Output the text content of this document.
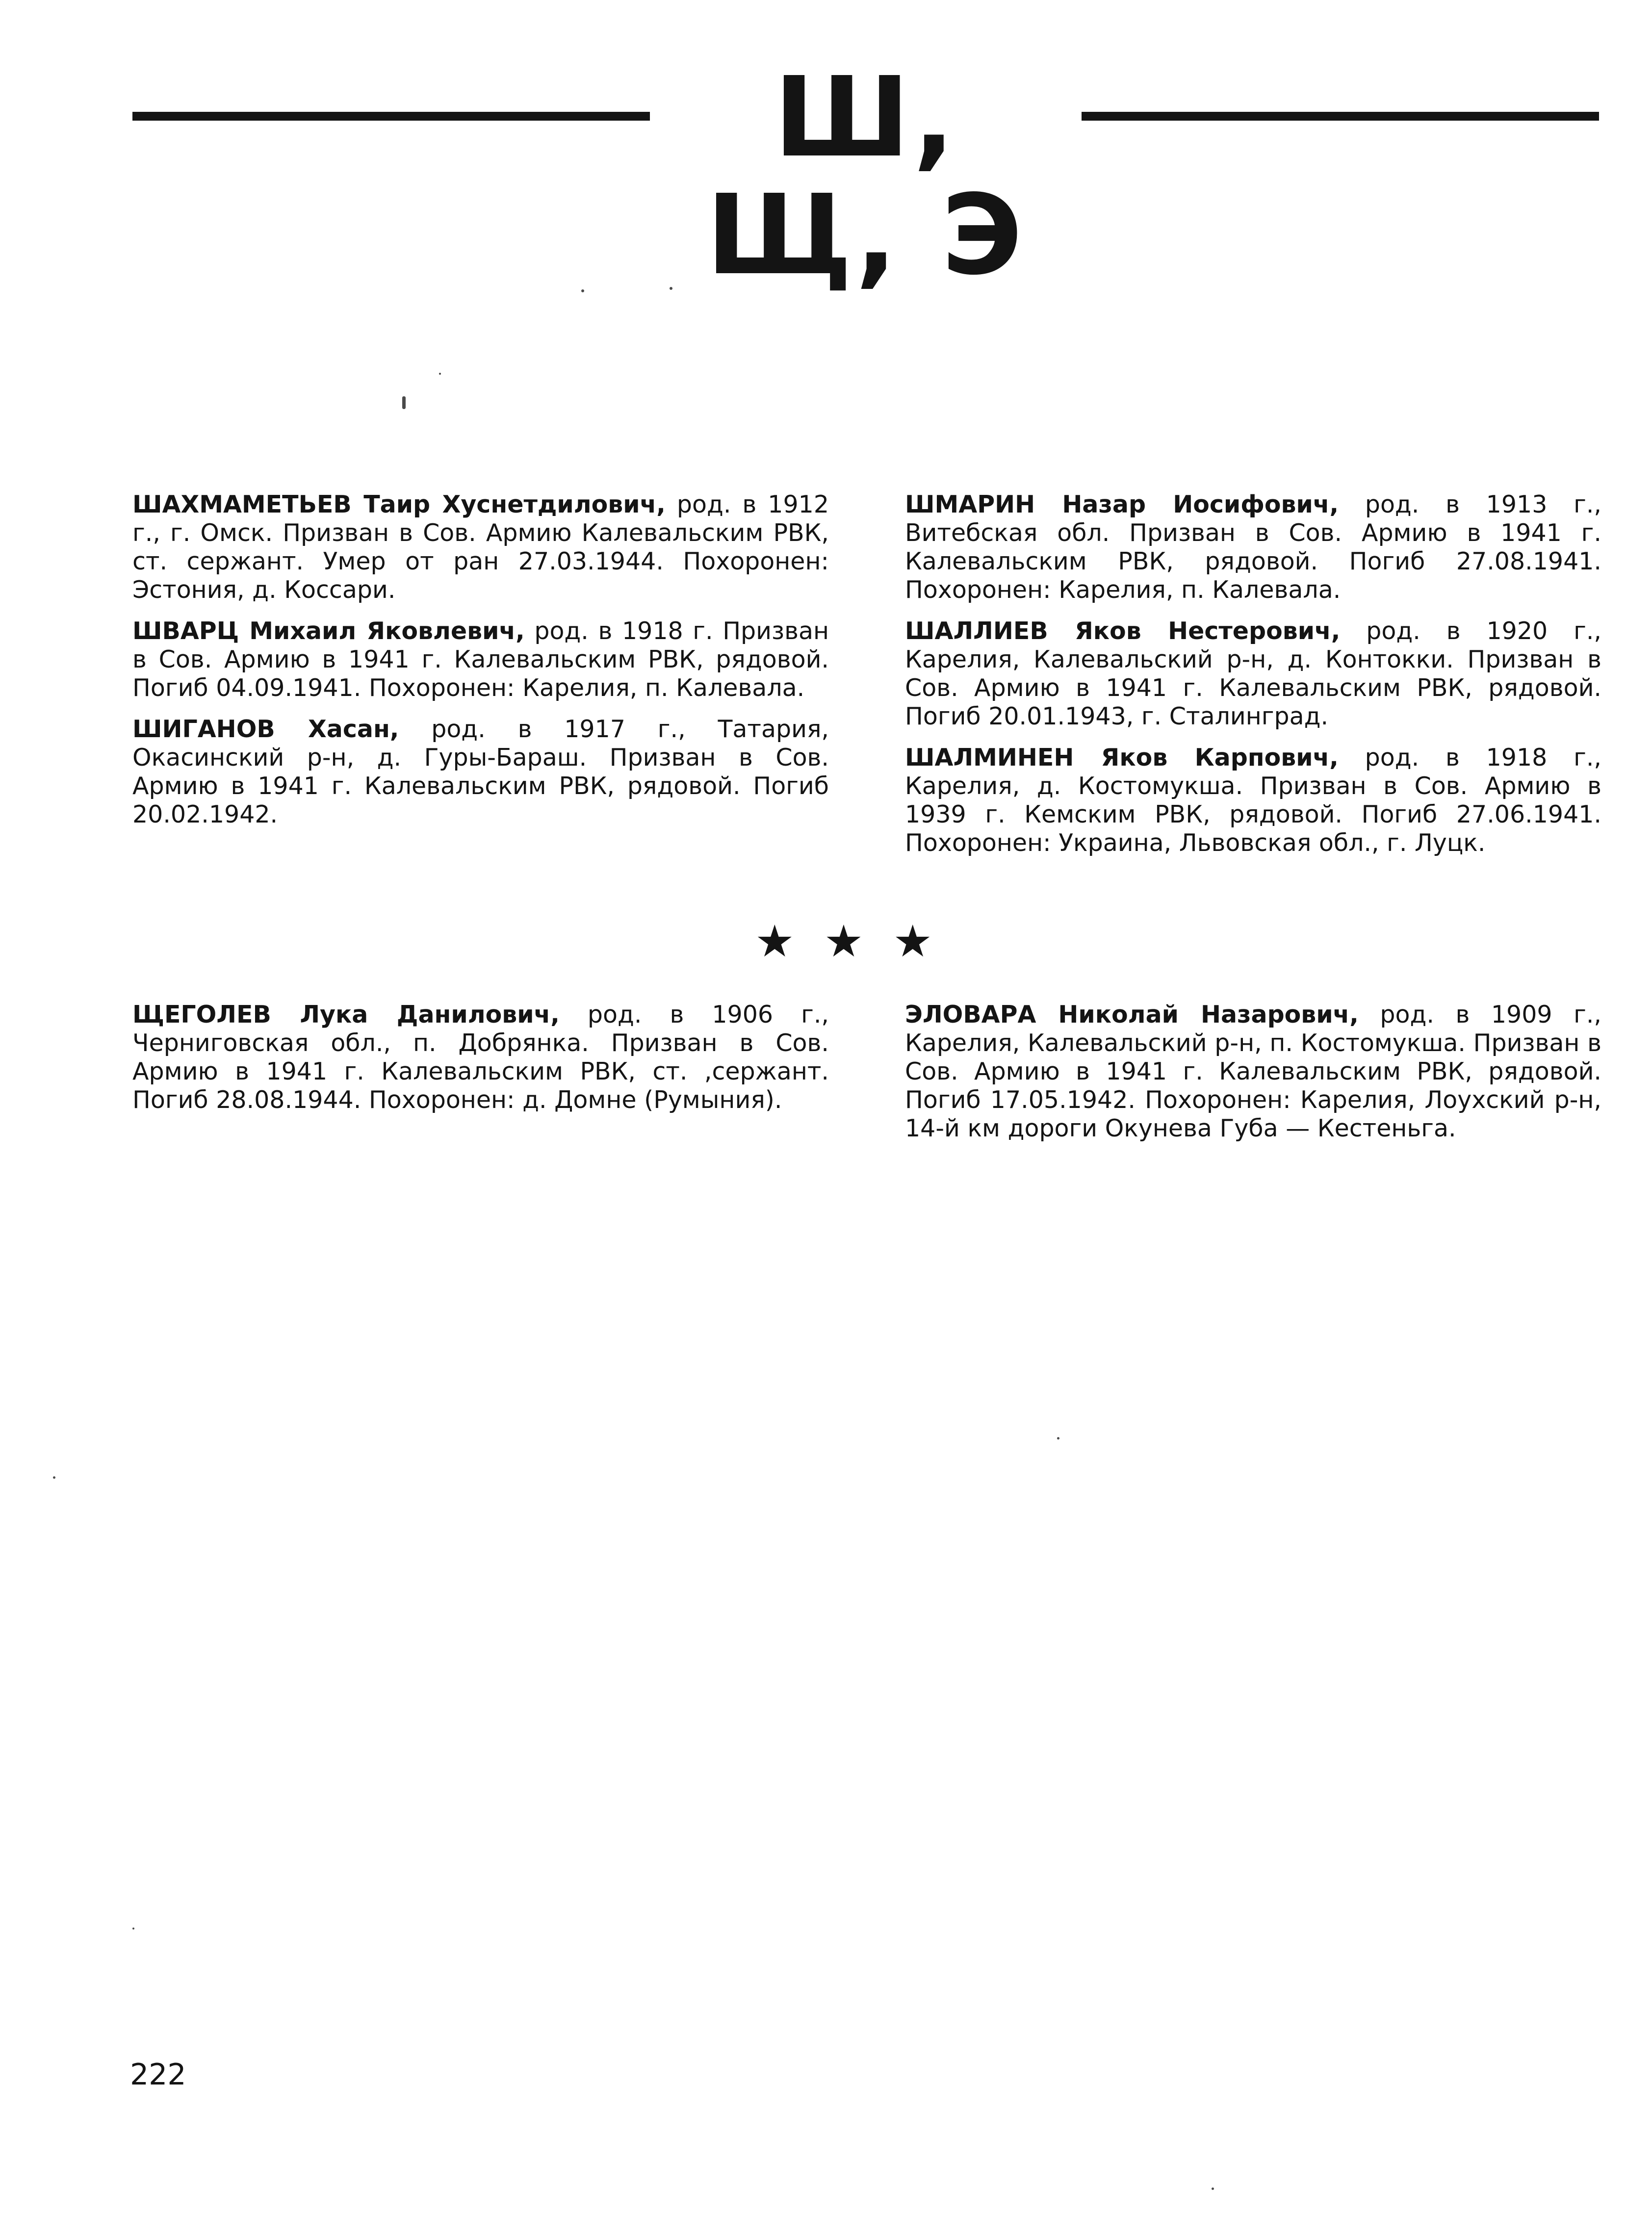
Ш, Щ, Э

ШАХМАМЕТЬЕВ Таир Хуснетдилович, род. в 1912 г., г. Омск. Призван в Сов. Армию Калевальским РВК, ст. сержант. Умер от ран 27.03.1944. Похоронен: Эстония, д. Коссари.

ШВАРЦ Михаил Яковлевич, род. в 1918 г. Призван в Сов. Армию в 1941 г. Калевальским РВК, рядовой. Погиб 04.09.1941. Похоронен: Карелия, п. Калевала.

ШИГАНОВ Хасан, род. в 1917 г., Татария, Окасинский р-н, д. Гуры-Бараш. Призван в Сов. Армию в 1941 г. Калевальским РВК, рядовой. Погиб 20.02.1942.

ШМАРИН Назар Иосифович, род. в 1913 г., Витебская обл. Призван в Сов. Армию в 1941 г. Калевальским РВК, рядовой. Погиб 27.08.1941. Похоронен: Карелия, п. Калевала.

ШАЛЛИЕВ Яков Нестерович, род. в 1920 г., Карелия, Калевальский р-н, д. Контокки. Призван в Сов. Армию в 1941 г. Калевальским РВК, рядовой. Погиб 20.01.1943, г. Сталинград.

ШАЛМИНЕН Яков Карпович, род. в 1918 г., Карелия, д. Костомукша. Призван в Сов. Армию в 1939 г. Кемским РВК, рядовой. Погиб 27.06.1941. Похоронен: Украина, Львовская обл., г. Луцк.

★★★

ЩЕГОЛЕВ Лука Данилович, род. в 1906 г., Черниговская обл., п. Добрянка. Призван в Сов. Армию в 1941 г. Калевальским РВК, ст. ,сержант. Погиб 28.08.1944. Похоронен: д. Домне (Румыния).

ЭЛОВАРА Николай Назарович, род. в 1909 г., Карелия, Калевальский р-н, п. Костомукша. Призван в Сов. Армию в 1941 г. Калевальским РВК, рядовой. Погиб 17.05.1942. Похоронен: Карелия, Лоухский р-н, 14-й км дороги Окунева Губа — Кестеньга.

222
